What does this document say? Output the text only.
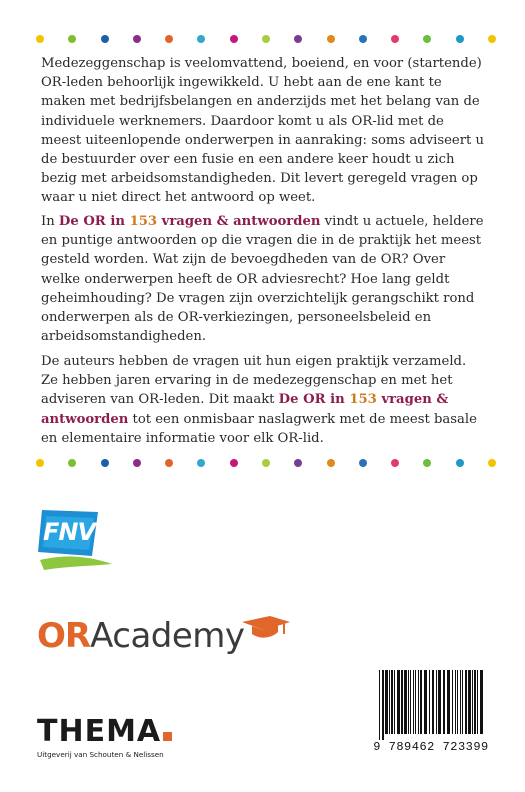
Medezeggenschap is veelomvattend, boeiend, en voor (startende) OR-leden behoorlijk ingewikkeld. U hebt aan de ene kant te maken met bedrijfsbelangen en anderzijds met het belang van de individuele werknemers. Daardoor komt u als OR-lid met de meest uiteenlopende onderwerpen in aanraking: soms adviseert u de bestuurder over een fusie en een andere keer houdt u zich bezig met arbeidsomstandigheden. Dit levert geregeld vragen op waar u niet direct het antwoord op weet.

In De OR in 153 vragen & antwoorden vindt u actuele, heldere en puntige antwoorden op die vragen die in de praktijk het meest gesteld worden. Wat zijn de bevoegdheden van de OR? Over welke onderwerpen heeft de OR adviesrecht? Hoe lang geldt geheimhouding? De vragen zijn overzichtelijk gerangschikt rond onderwerpen als de OR-verkiezingen, personeelsbeleid en arbeidsomstandigheden.

De auteurs hebben de vragen uit hun eigen praktijk verzameld. Ze hebben jaren ervaring in de medezeggenschap en met het adviseren van OR-leden. Dit maakt De OR in 153 vragen & antwoorden tot een onmisbaar naslagwerk met de meest basale en elementaire informatie voor elk OR-lid.

FNV
ORAcademy
THEMA
Uitgeverij van Schouten & Nelissen
9 789462 723399
